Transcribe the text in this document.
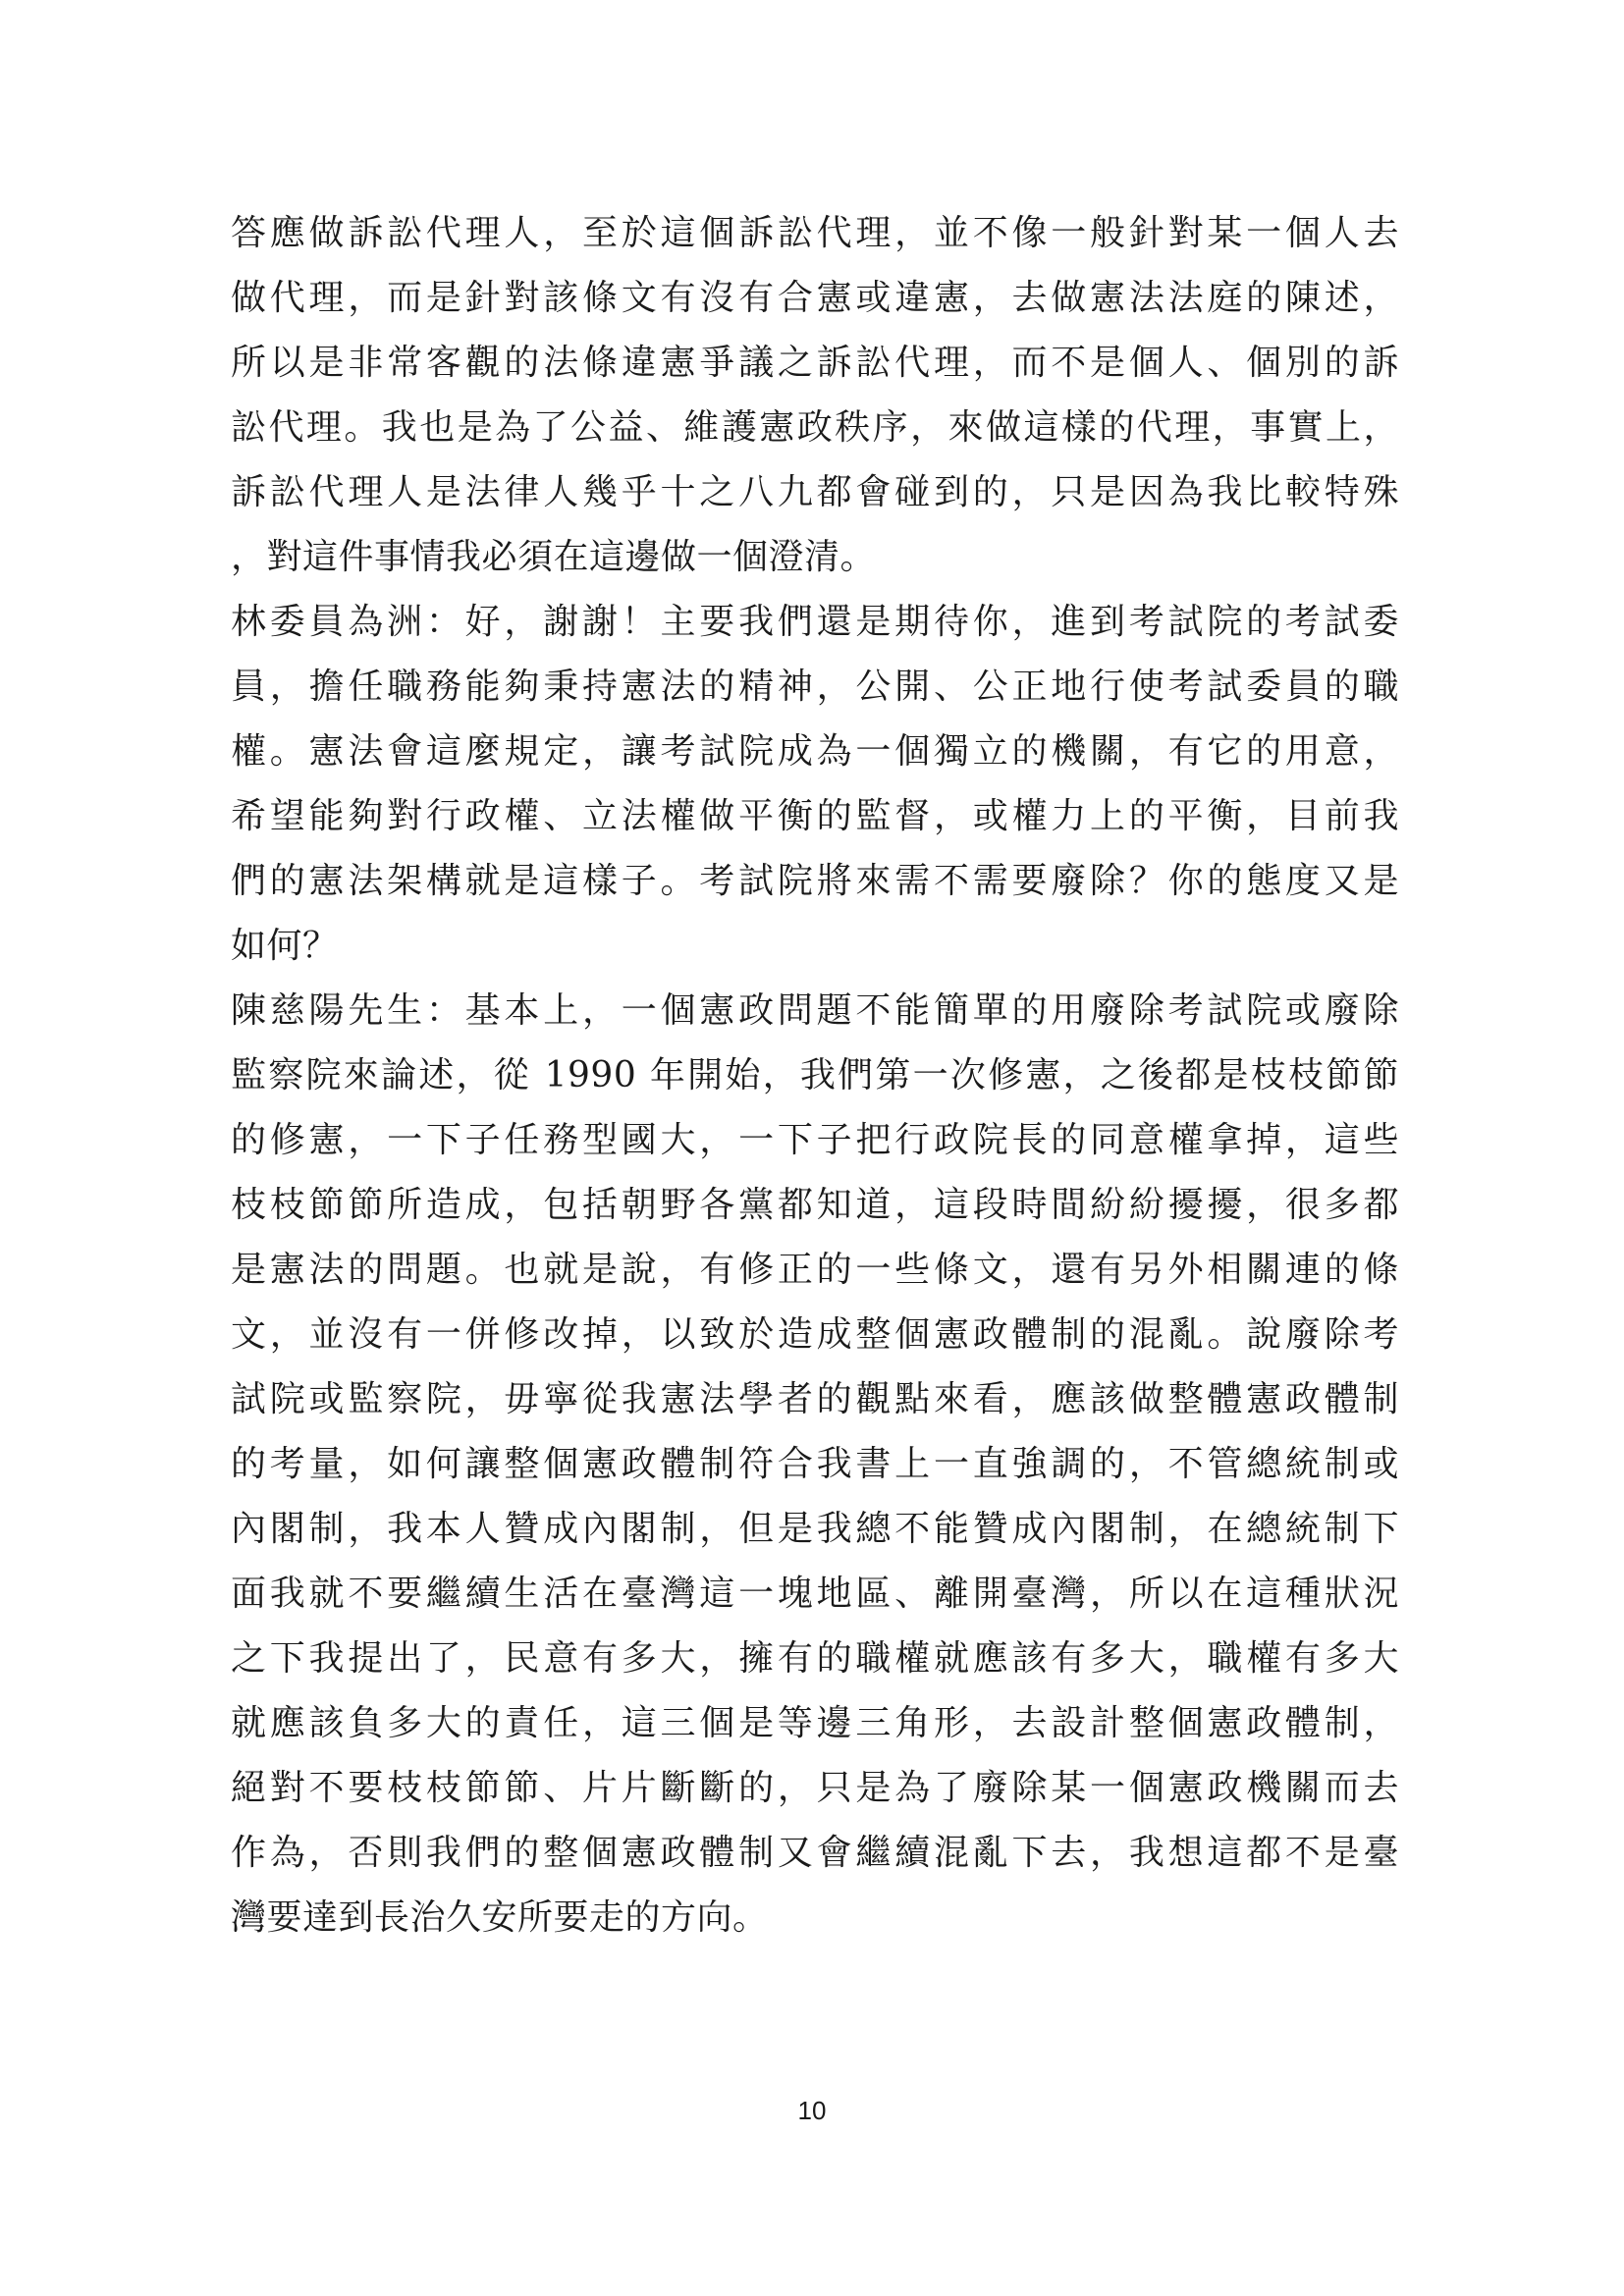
答應做訴訟代理人，至於這個訴訟代理，並不像一般針對某一個人去
做代理，而是針對該條文有沒有合憲或違憲，去做憲法法庭的陳述，
所以是非常客觀的法條違憲爭議之訴訟代理，而不是個人、個別的訴
訟代理。我也是為了公益、維護憲政秩序，來做這樣的代理，事實上，
訴訟代理人是法律人幾乎十之八九都會碰到的，只是因為我比較特殊
，對這件事情我必須在這邊做一個澄清。
林委員為洲：好，謝謝！主要我們還是期待你，進到考試院的考試委
員，擔任職務能夠秉持憲法的精神，公開、公正地行使考試委員的職
權。憲法會這麼規定，讓考試院成為一個獨立的機關，有它的用意，
希望能夠對行政權、立法權做平衡的監督，或權力上的平衡，目前我
們的憲法架構就是這樣子。考試院將來需不需要廢除？你的態度又是
如何？
陳慈陽先生：基本上，一個憲政問題不能簡單的用廢除考試院或廢除
監察院來論述，從 1990 年開始，我們第一次修憲，之後都是枝枝節節
的修憲，一下子任務型國大，一下子把行政院長的同意權拿掉，這些
枝枝節節所造成，包括朝野各黨都知道，這段時間紛紛擾擾，很多都
是憲法的問題。也就是說，有修正的一些條文，還有另外相關連的條
文，並沒有一併修改掉，以致於造成整個憲政體制的混亂。說廢除考
試院或監察院，毋寧從我憲法學者的觀點來看，應該做整體憲政體制
的考量，如何讓整個憲政體制符合我書上一直強調的，不管總統制或
內閣制，我本人贊成內閣制，但是我總不能贊成內閣制，在總統制下
面我就不要繼續生活在臺灣這一塊地區、離開臺灣，所以在這種狀況
之下我提出了，民意有多大，擁有的職權就應該有多大，職權有多大
就應該負多大的責任，這三個是等邊三角形，去設計整個憲政體制，
絕對不要枝枝節節、片片斷斷的，只是為了廢除某一個憲政機關而去
作為，否則我們的整個憲政體制又會繼續混亂下去，我想這都不是臺
灣要達到長治久安所要走的方向。
10
